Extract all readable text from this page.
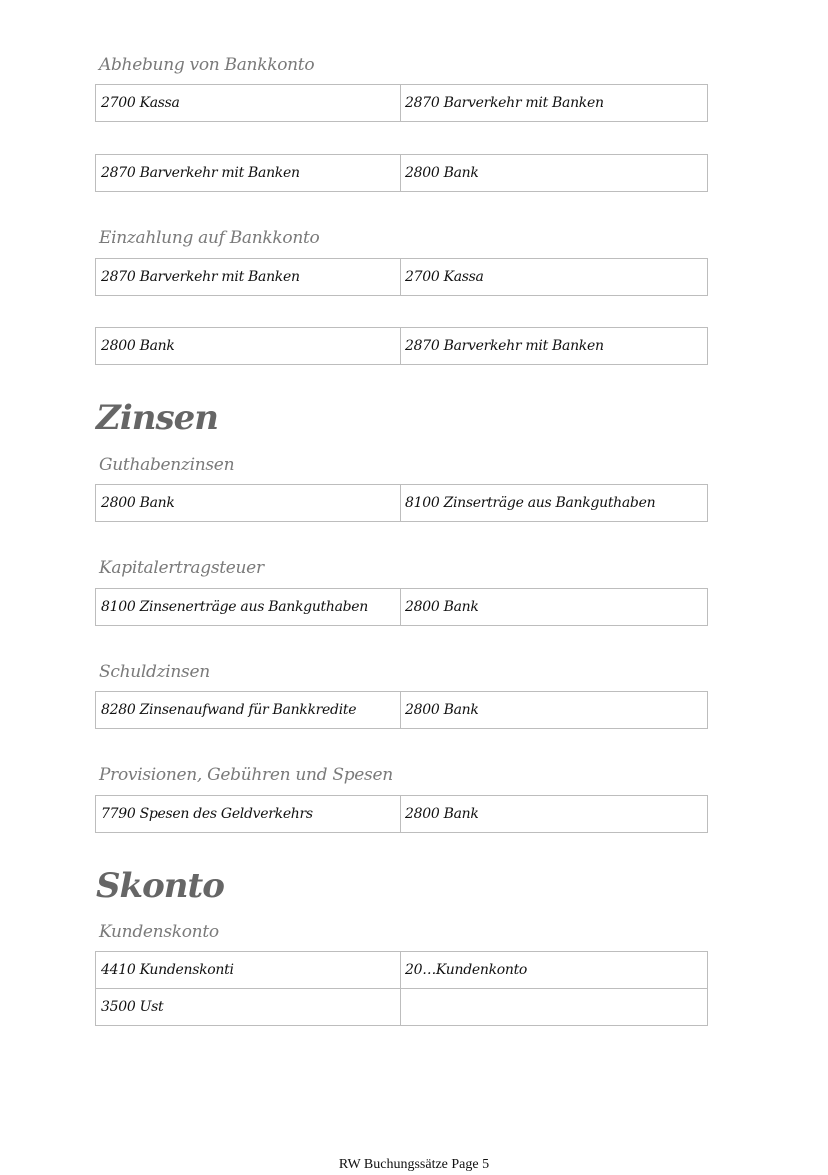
Abhebung von Bankkonto
2700 Kassa	2870 Barverkehr mit Banken
2870 Barverkehr mit Banken	2800 Bank
Einzahlung auf Bankkonto
2870 Barverkehr mit Banken	2700 Kassa
2800 Bank	2870 Barverkehr mit Banken
Zinsen
Guthabenzinsen
2800 Bank	8100 Zinserträge aus Bankguthaben
Kapitalertragsteuer
8100 Zinsenerträge aus Bankguthaben	2800 Bank
Schuldzinsen
8280 Zinsenaufwand für Bankkredite	2800 Bank
Provisionen, Gebühren und Spesen
7790 Spesen des Geldverkehrs	2800 Bank
Skonto
Kundenskonto
4410 Kundenskonti	20…Kundenkonto
3500 Ust
RW Buchungssätze Page 5
